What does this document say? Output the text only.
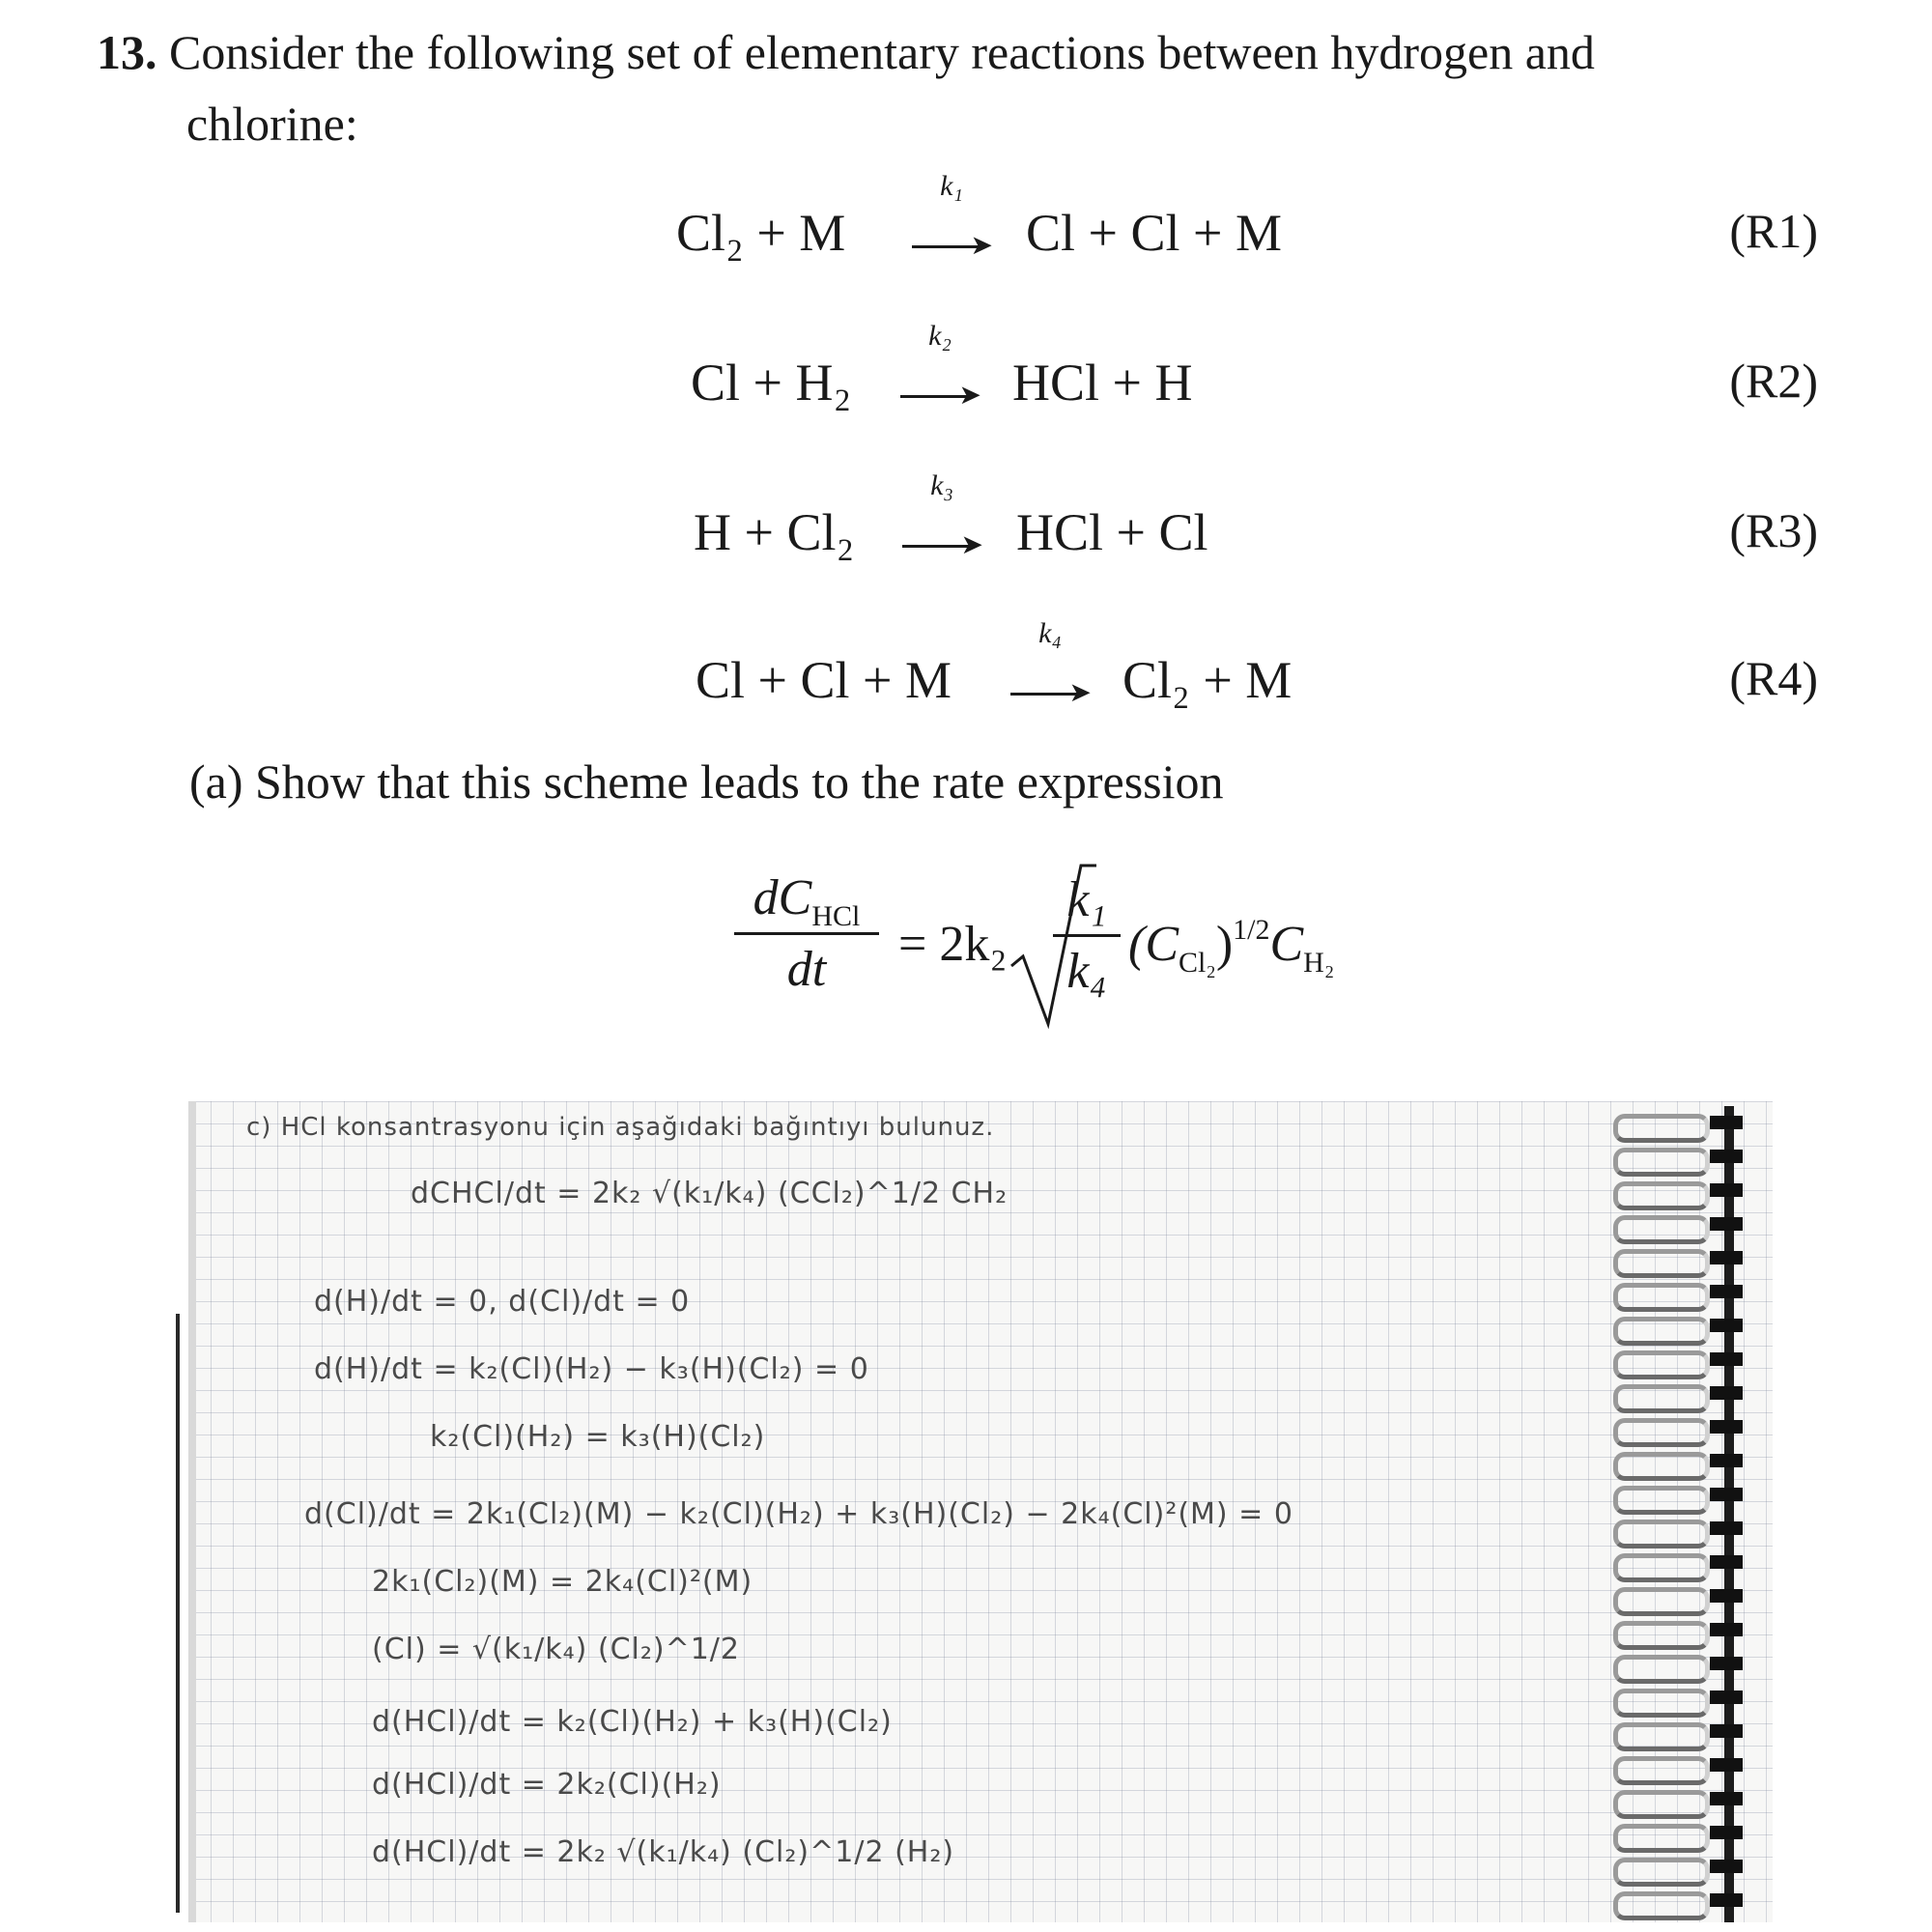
13. Consider the following set of elementary reactions between hydrogen and
chlorine:
Cl₂ + M
k₁
➤ Cl + Cl + M	(R1)
Cl + H₂
k₂
➤ HCl + H	(R2)
H + Cl₂
k₃
➤ HCl + Cl	(R3)
Cl + Cl + M
k₄
➤ Cl₂ + M	(R4)
(a) Show that this scheme leads to the rate expression
$dC_{HCl}$
dt	= 2k₂
k₁
k₄ $(C_{Cl_2})^{1/2}C_{H_2}$
c) HCl konsantrasyonu için aşağıdaki bağıntıyı bulunuz.
dCHCl/dt = 2k₂ √(k₁/k₄) (CCl₂)^1/2 CH₂
d(H)/dt = 0, d(Cl)/dt = 0
d(H)/dt = k₂(Cl)(H₂) − k₃(H)(Cl₂) = 0
k₂(Cl)(H₂) = k₃(H)(Cl₂)
d(Cl)/dt = 2k₁(Cl₂)(M) − k₂(Cl)(H₂) + k₃(H)(Cl₂) − 2k₄(Cl)²(M) = 0
2k₁(Cl₂)(M) = 2k₄(Cl)²(M)
(Cl) = √(k₁/k₄) (Cl₂)^1/2
d(HCl)/dt = k₂(Cl)(H₂) + k₃(H)(Cl₂)
d(HCl)/dt = 2k₂(Cl)(H₂)
d(HCl)/dt = 2k₂ √(k₁/k₄) (Cl₂)^1/2 (H₂)
